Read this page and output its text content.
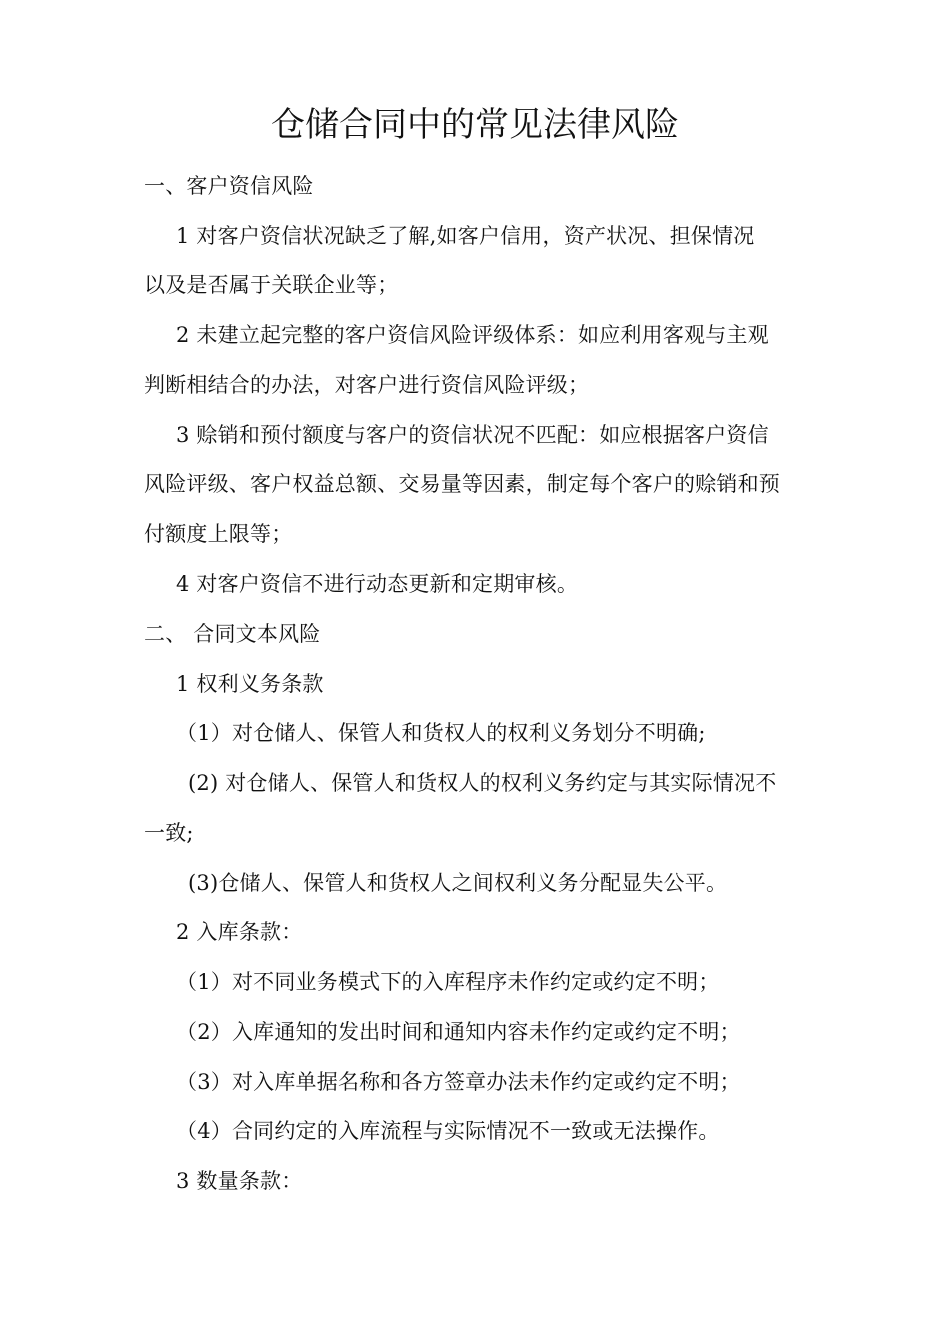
仓储合同中的常见法律风险
一、客户资信风险
1 对客户资信状况缺乏了解,如客户信用，资产状况、担保情况
以及是否属于关联企业等；
2 未建立起完整的客户资信风险评级体系：如应利用客观与主观
判断相结合的办法，对客户进行资信风险评级；
3 赊销和预付额度与客户的资信状况不匹配：如应根据客户资信
风险评级、客户权益总额、交易量等因素，制定每个客户的赊销和预
付额度上限等；
4 对客户资信不进行动态更新和定期审核。
二、 合同文本风险
1 权利义务条款
（1）对仓储人、保管人和货权人的权利义务划分不明确;
(2) 对仓储人、保管人和货权人的权利义务约定与其实际情况不
一致;
(3)仓储人、保管人和货权人之间权利义务分配显失公平。
2 入库条款：
（1）对不同业务模式下的入库程序未作约定或约定不明；
（2）入库通知的发出时间和通知内容未作约定或约定不明；
（3）对入库单据名称和各方签章办法未作约定或约定不明；
（4）合同约定的入库流程与实际情况不一致或无法操作。
3 数量条款：
